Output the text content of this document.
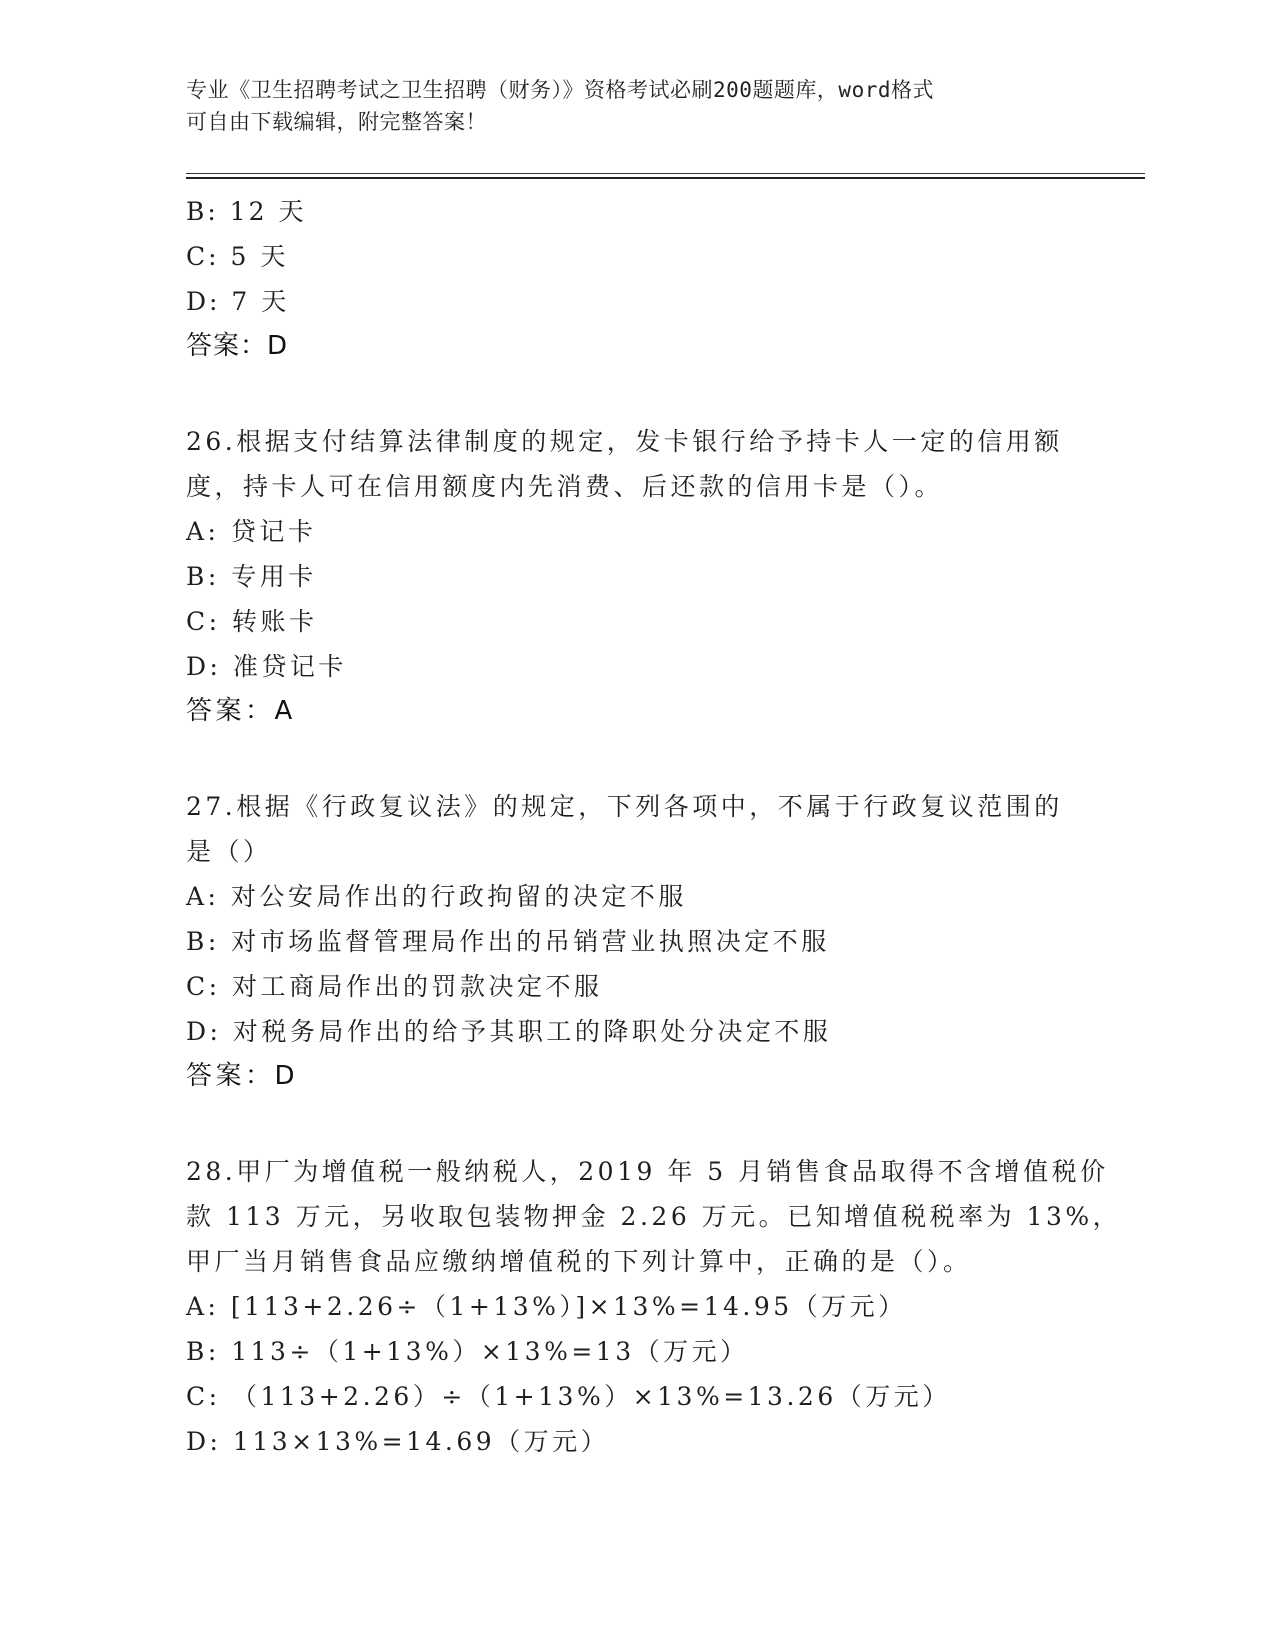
专业《卫生招聘考试之卫生招聘（财务）》资格考试必刷200题题库，word格式
可自由下载编辑，附完整答案！
B: 12 天
C: 5 天
D: 7 天
答案：D
26.根据支付结算法律制度的规定，发卡银行给予持卡人一定的信用额
度，持卡人可在信用额度内先消费、后还款的信用卡是（）。
A: 贷记卡
B: 专用卡
C: 转账卡
D: 准贷记卡
答案：A
27.根据《行政复议法》的规定，下列各项中，不属于行政复议范围的
是（）
A: 对公安局作出的行政拘留的决定不服
B: 对市场监督管理局作出的吊销营业执照决定不服
C: 对工商局作出的罚款决定不服
D: 对税务局作出的给予其职工的降职处分决定不服
答案：D
28.甲厂为增值税一般纳税人，2019 年 5 月销售食品取得不含增值税价
款 113 万元，另收取包装物押金 2.26 万元。已知增值税税率为 13%，
甲厂当月销售食品应缴纳增值税的下列计算中，正确的是（）。
A: [113+2.26÷（1+13%）]×13%=14.95（万元）
B: 113÷（1+13%）×13%=13（万元）
C: （113+2.26）÷（1+13%）×13%=13.26（万元）
D: 113×13%=14.69（万元）
